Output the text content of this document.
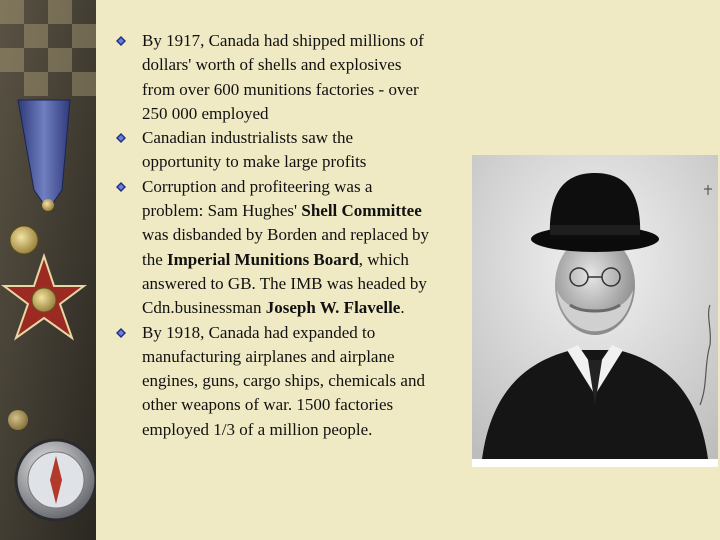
By 1917, Canada had shipped millions of dollars' worth of shells and explosives from over 600 munitions factories - over 250 000 employed
Canadian industrialists saw the opportunity to make large profits
Corruption and profiteering was a problem: Sam Hughes' Shell Committee was disbanded by Borden and replaced by the Imperial Munitions Board, which answered to GB. The IMB was headed by Cdn.businessman Joseph W. Flavelle.
By 1918, Canada had expanded to manufacturing airplanes and airplane engines, guns, cargo ships, chemicals and other weapons of war. 1500 factories employed 1/3 of a million people.
